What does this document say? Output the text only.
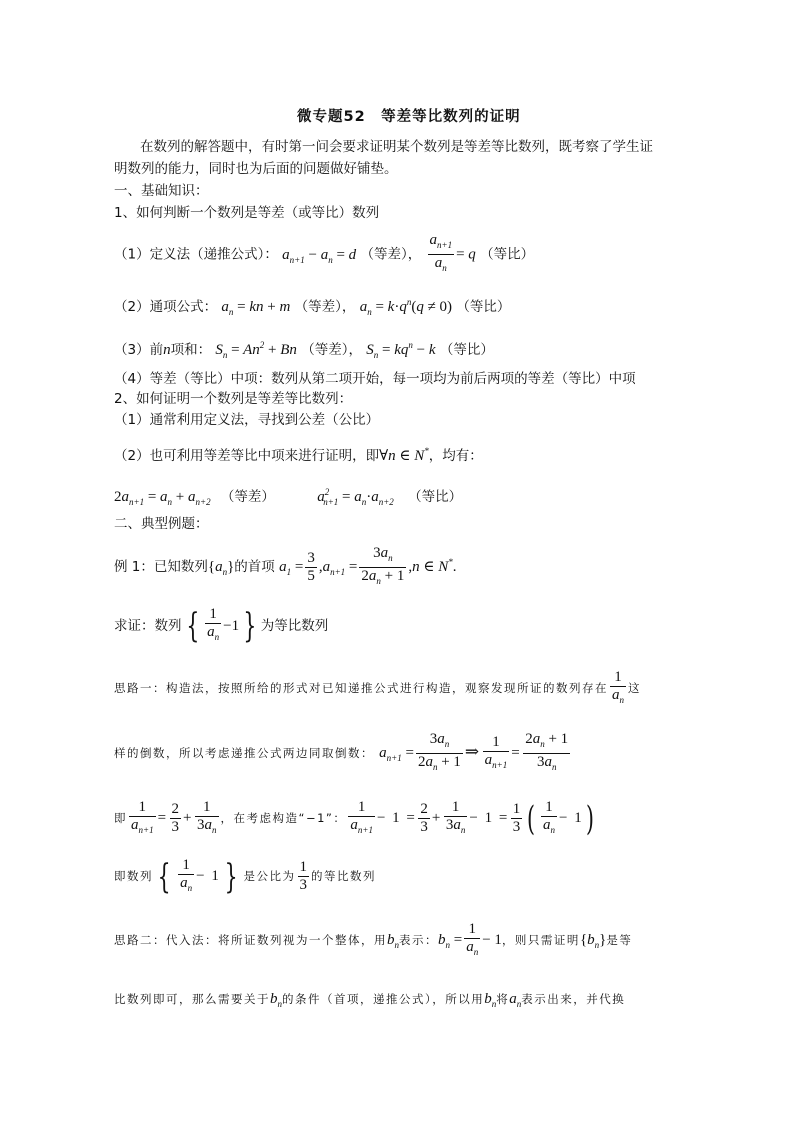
微专题52　等差等比数列的证明
在数列的解答题中，有时第一问会要求证明某个数列是等差等比数列，既考察了学生证
明数列的能力，同时也为后面的问题做好铺垫。
一、基础知识：
1、如何判断一个数列是等差（或等比）数列
（1）定义法（递推公式）： $a_{n+1} - a_n = d$ （等差）， $\frac{a_{n+1}}{a_n} = q$ （等比）
（2）通项公式： $a_n$ = kn + m （等差）， $a_n = k\cdot q^n(q \ne 0)$ （等比）
（3）前n项和： $S_n = An^2 + Bn$ （等差）， $S_n = kq^n - k$ （等比）
（4）等差（等比）中项：数列从第二项开始，每一项均为前后两项的等差（等比）中项
2、如何证明一个数列是等差等比数列：
（1）通常利用定义法，寻找到公差（公比）
（2）也可利用等差等比中项来进行证明，即∀n ∈ N*，均有：
$2a_{n+1} = a_n + a_{n+2}$ （等差）	$a^2_{n+1} = a_n\cdot a_{n+2}$ （等比）
二、典型例题：
例 1：已知数列$\{a_n\}$的首项 $a_1 = \frac{3}{5} ,a_{n+1} = \frac{3a_n}{2a_n + 1} ,n$ ∈ N*.
求证：数列 { $\frac{1}{a_n} -1$ } 为等比数列
思路一：构造法，按照所给的形式对已知递推公式进行构造，观察发现所证的数列存在 $\frac{1}{a_n}$ 这
样的倒数，所以考虑递推公式两边同取倒数： $a_{n+1} = \frac{3a_n}{2a_n + 1}$ ⇒ $\frac{1}{a_{n+1}} = \frac{2a_n + 1}{3a_n}$
即 $\frac{1}{a_{n+1}} = \frac{2}{3} + \frac{1}{3a_n}$ ，在考虑构造“−1”： $\frac{1}{a_{n+1}} - 1 = \frac{2}{3} + \frac{1}{3a_n} - 1 = \frac{1}{3}$ ( $\frac{1}{a_n} - 1$)
即数列 { $\frac{1}{a_n} - 1$ } 是公比为 $\frac{1}{3}$ 的等比数列
思路二：代入法：将所证数列视为一个整体，用$b_n$表示：$b_n = \frac{1}{a_n} - 1$，则只需证明$\{b_n\}$是等
比数列即可，那么需要关于$b_n$的条件（首项，递推公式），所以用$b_n$将$a_n$表示出来，并代换
